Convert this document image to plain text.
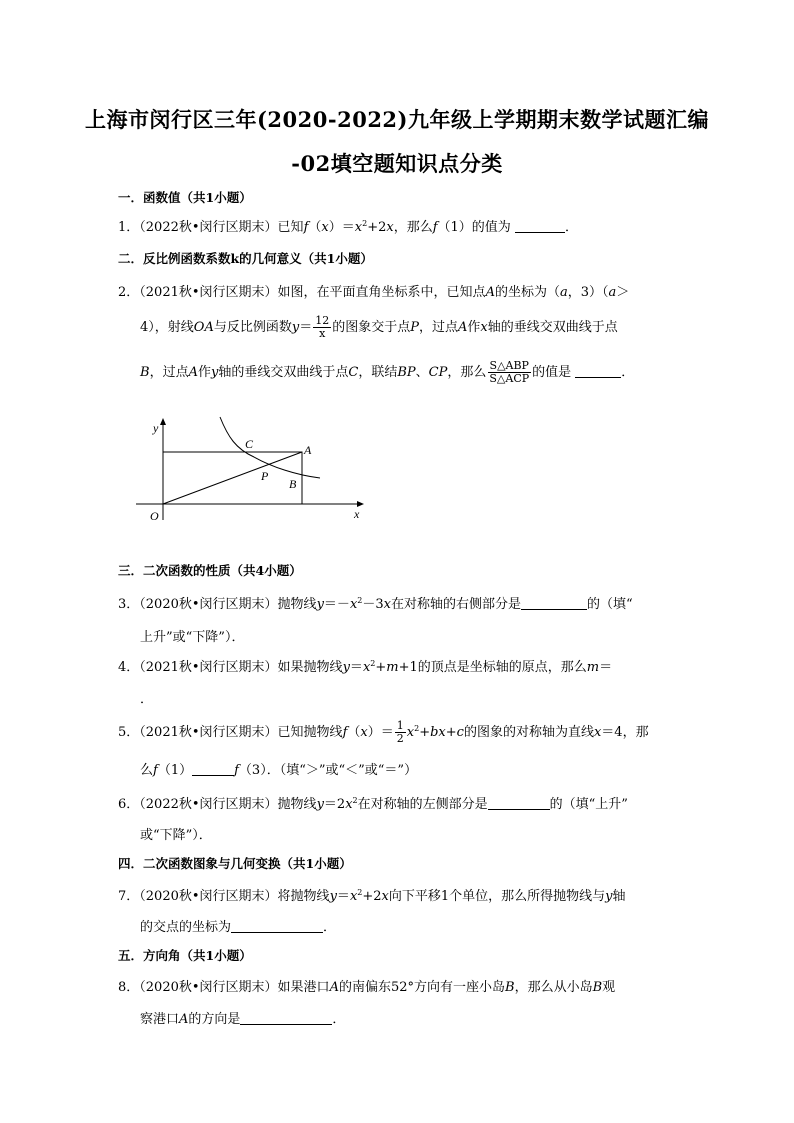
上海市闵行区三年(2020-2022)九年级上学期期末数学试题汇编
-02填空题知识点分类
一．函数值（共1小题）
1．（2022秋•闵行区期末）已知$f(x)=x^2+2x$，那么f（1）的值为	．
二．反比例函数系数k的几何意义（共1小题）
2．（2021秋•闵行区期末）如图，在平面直角坐标系中，已知点A的坐标为（a，3）（a＞
4），射线OA与反比例函数$y= \frac{12}{x}$ 的图象交于点P，过点A作x轴的垂线交双曲线于点
B，过点A作y轴的垂线交双曲线于点C，联结BP、CP，那么 $\frac{\text{S△ABP}}{\text{S△ACP}}$ 的值是	．
y
x
O
A
B
C
P
三．二次函数的性质（共4小题）
3．（2020秋•闵行区期末）抛物线$y=-x^2-3x$在对称轴的右侧部分是	的（填“
上升”或“下降”）．
4．（2021秋•闵行区期末）如果抛物线$y=x^2+m+1$的顶点是坐标轴的原点，那么m＝
．
5．（2021秋•闵行区期末）已知抛物线$f(x)= \frac{1}{2} x^2+bx+c$的图象的对称轴为直线x＝4，那
么f（1）	f（3）．（填“＞”或“＜”或“＝”）
6．（2022秋•闵行区期末）抛物线$y=2x^2$在对称轴的左侧部分是	的（填“上升”
或“下降”）．
四．二次函数图象与几何变换（共1小题）
7．（2020秋•闵行区期末）将抛物线$y=x^2+2x$向下平移1个单位，那么所得抛物线与y轴
的交点的坐标为	．
五．方向角（共1小题）
8．（2020秋•闵行区期末）如果港口A的南偏东52°方向有一座小岛B，那么从小岛B观
察港口A的方向是	．
